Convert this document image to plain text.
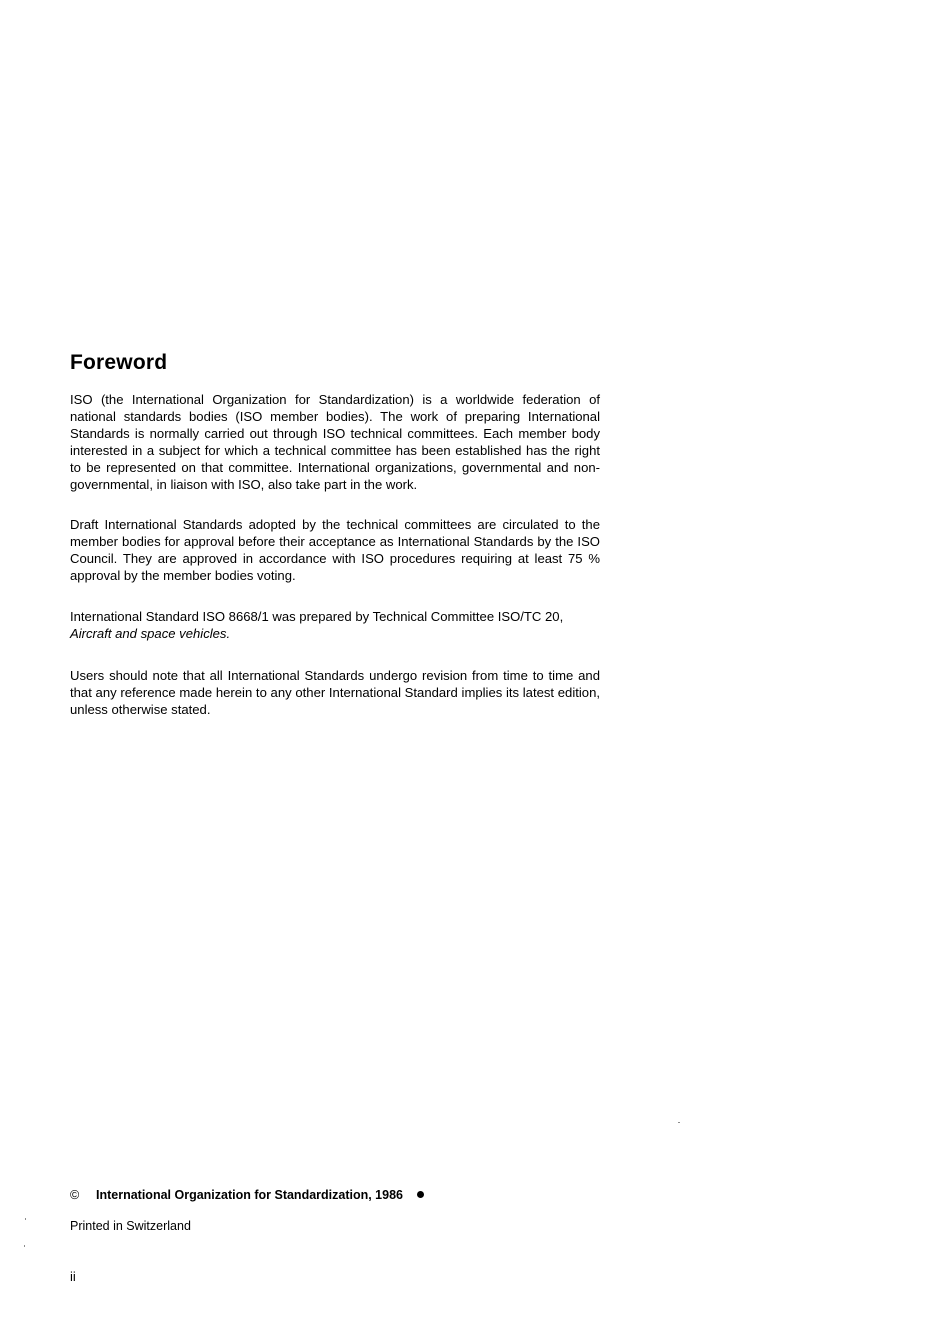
Foreword

ISO (the International Organization for Standardization) is a worldwide federation of national standards bodies (ISO member bodies). The work of preparing International Standards is normally carried out through ISO technical committees. Each member body interested in a subject for which a technical committee has been established has the right to be represented on that committee. International organizations, governmental and non-governmental, in liaison with ISO, also take part in the work.

Draft International Standards adopted by the technical committees are circulated to the member bodies for approval before their acceptance as International Standards by the ISO Council. They are approved in accordance with ISO procedures requiring at least 75 % approval by the member bodies voting.

International Standard ISO 8668/1 was prepared by Technical Committee ISO/TC 20,
Aircraft and space vehicles.

Users should note that all International Standards undergo revision from time to time and that any reference made herein to any other International Standard implies its latest edition, unless otherwise stated.

© International Organization for Standardization, 1986
Printed in Switzerland
ii
